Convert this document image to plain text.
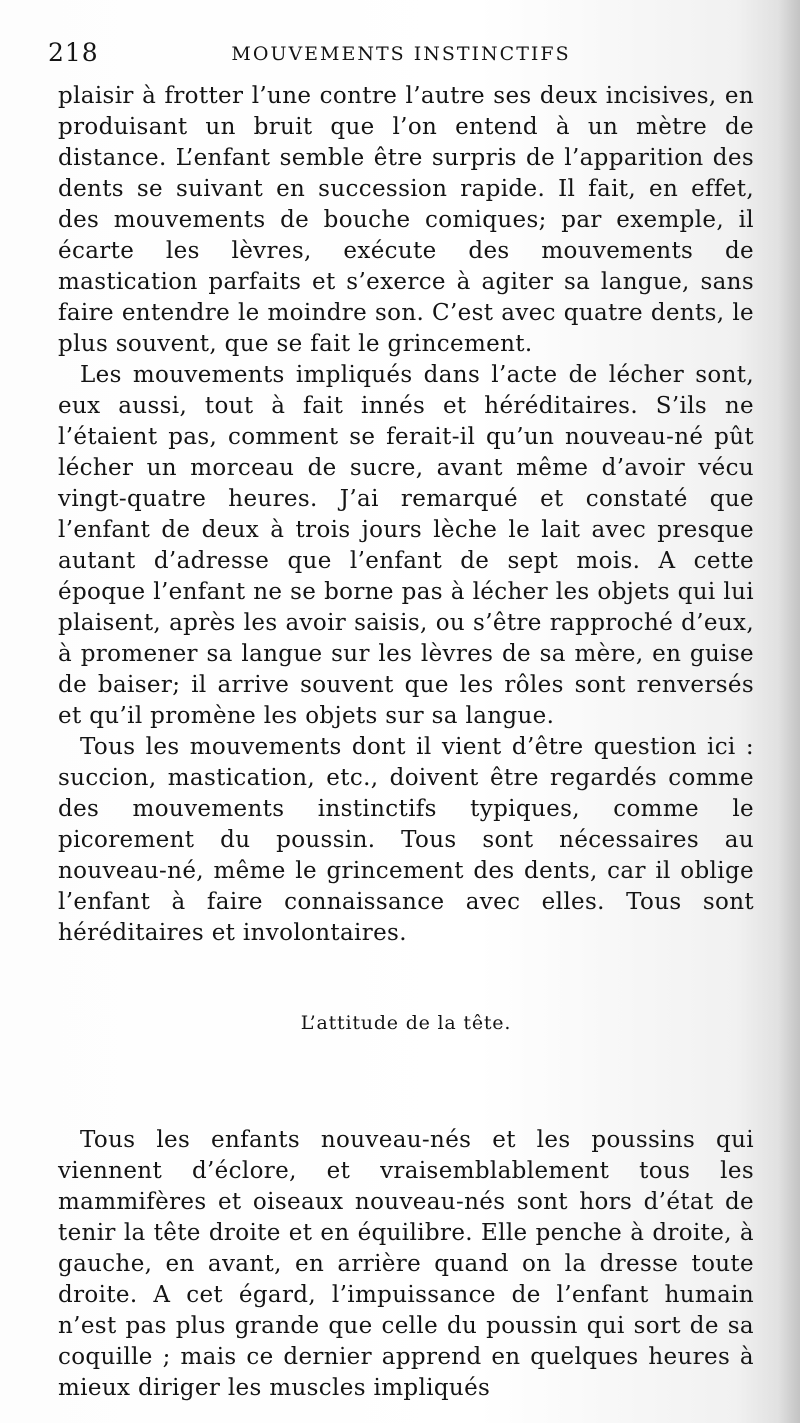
218	MOUVEMENTS INSTINCTIFS

plaisir à frotter l’une contre l’autre ses deux incisives, en produisant un bruit que l’on entend à un mètre de distance. L’enfant semble être surpris de l’apparition des dents se suivant en succession rapide. Il fait, en effet, des mouvements de bouche comiques; par exemple, il écarte les lèvres, exécute des mouvements de mastication parfaits et s’exerce à agiter sa langue, sans faire entendre le moindre son. C’est avec quatre dents, le plus souvent, que se fait le grincement.

Les mouvements impliqués dans l’acte de lécher sont, eux aussi, tout à fait innés et héréditaires. S’ils ne l’étaient pas, comment se ferait-il qu’un nouveau-né pût lécher un morceau de sucre, avant même d’avoir vécu vingt-quatre heures. J’ai remarqué et constaté que l’enfant de deux à trois jours lèche le lait avec presque autant d’adresse que l’enfant de sept mois. A cette époque l’enfant ne se borne pas à lécher les objets qui lui plaisent, après les avoir saisis, ou s’être rapproché d’eux, à promener sa langue sur les lèvres de sa mère, en guise de baiser; il arrive souvent que les rôles sont renversés et qu’il promène les objets sur sa langue.

Tous les mouvements dont il vient d’être question ici : succion, mastication, etc., doivent être regardés comme des mouvements instinctifs typiques, comme le picorement du poussin. Tous sont nécessaires au nouveau-né, même le grincement des dents, car il oblige l’enfant à faire connaissance avec elles. Tous sont héréditaires et involontaires.

L’attitude de la tête.

Tous les enfants nouveau-nés et les poussins qui viennent d’éclore, et vraisemblablement tous les mammifères et oiseaux nouveau-nés sont hors d’état de tenir la tête droite et en équilibre. Elle penche à droite, à gauche, en avant, en arrière quand on la dresse toute droite. A cet égard, l’impuissance de l’enfant humain n’est pas plus grande que celle du poussin qui sort de sa coquille ; mais ce dernier apprend en quelques heures à mieux diriger les muscles impliqués
